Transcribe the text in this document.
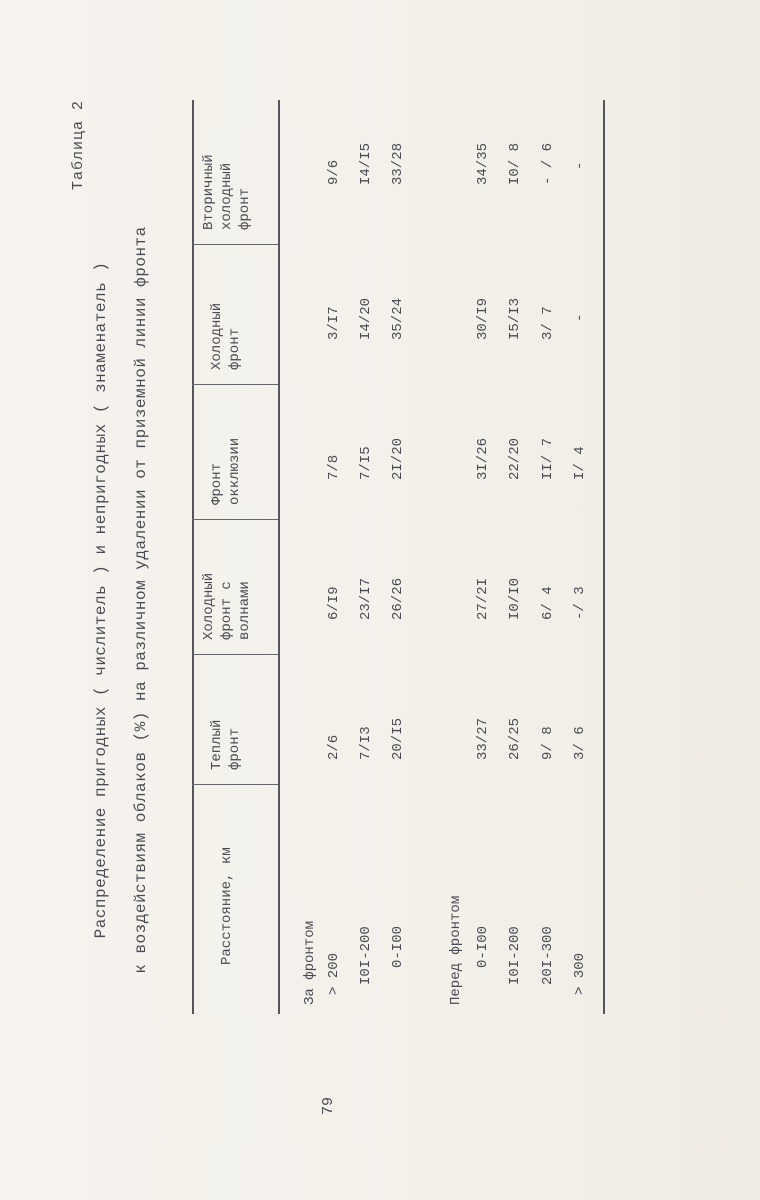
Таблица 2
Распределение пригодных ( числитель ) и непригодных ( знаменатель ) к воздействиям облаков (%) на различном удалении от приземной линии фронта
79
Расстояние, км
Теплый фронт
Холодный фронт с волнами
Фронт окклюзии
Холодный фронт
Вторичный холодный фронт
За фронтом > 200
2/6
6/I9
7/8
3/I7
9/6
I0I-200
7/I3
23/I7
7/I5
I4/20
I4/I5
0-I00
20/I5
26/26
2I/20
35/24
33/28
Перед фронтом 0-I00
33/27
27/2I
3I/26
30/I9
34/35
I0I-200
26/25
I0/I0
22/20
I5/I3
I0/ 8
20I-300
9/ 8
6/ 4
II/ 7
3/ 7
- / 6
> 300
3/ 6
-/ 3
I/ 4
-
-
